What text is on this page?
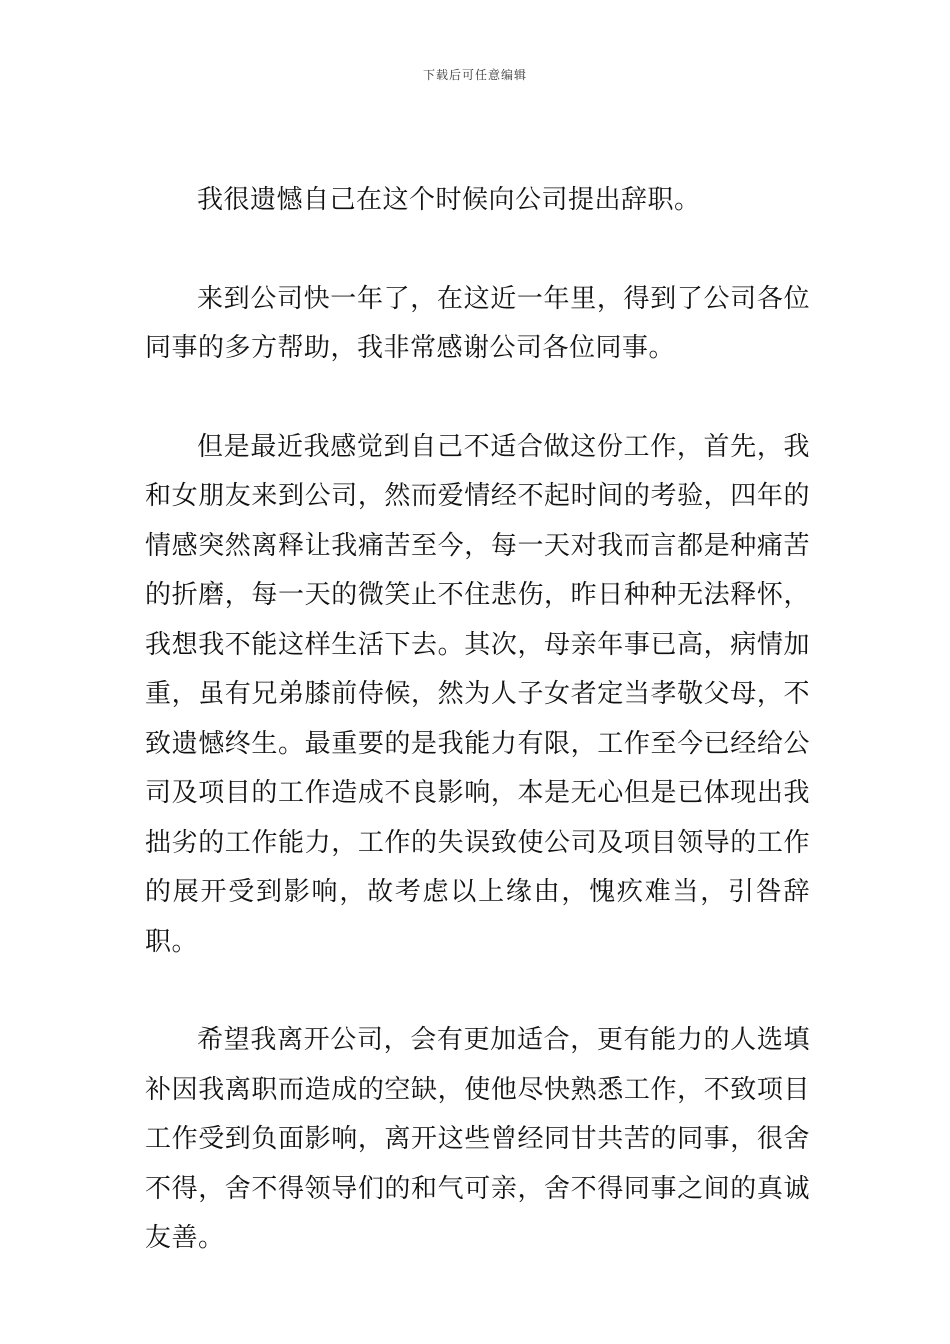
下载后可任意编辑

我很遗憾自己在这个时候向公司提出辞职。

来到公司快一年了，在这近一年里，得到了公司各位同事的多方帮助，我非常感谢公司各位同事。

但是最近我感觉到自己不适合做这份工作，首先，我和女朋友来到公司，然而爱情经不起时间的考验，四年的情感突然离释让我痛苦至今，每一天对我而言都是种痛苦的折磨，每一天的微笑止不住悲伤，昨日种种无法释怀，我想我不能这样生活下去。其次，母亲年事已高，病情加重，虽有兄弟膝前侍候，然为人子女者定当孝敬父母，不致遗憾终生。最重要的是我能力有限，工作至今已经给公司及项目的工作造成不良影响，本是无心但是已体现出我拙劣的工作能力，工作的失误致使公司及项目领导的工作的展开受到影响，故考虑以上缘由，愧疚难当，引咎辞职。

希望我离开公司，会有更加适合，更有能力的人选填补因我离职而造成的空缺，使他尽快熟悉工作，不致项目工作受到负面影响，离开这些曾经同甘共苦的同事，很舍不得，舍不得领导们的和气可亲，舍不得同事之间的真诚友善。
